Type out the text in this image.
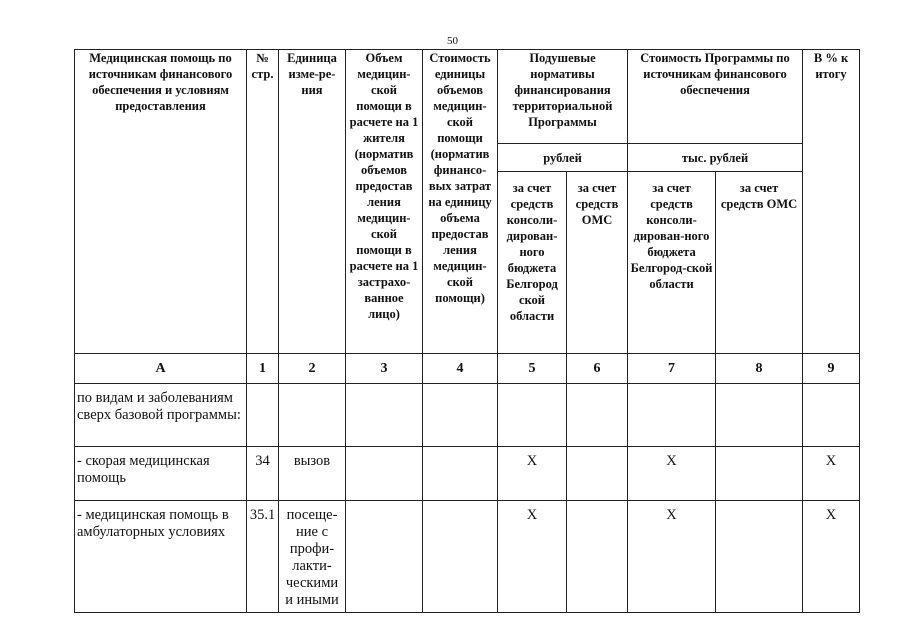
50
Медицинская помощь по источникам финансового обеспечения и условиям предоставления	№ стр.	Единица изме-ре-ния	Объем медицин-ской помощи в расчете на 1 жителя (норматив объемов предостав ления медицин-ской помощи в расчете на 1 застрахо-ванное лицо)	Стоимость единицы объемов медицин-ской помощи (норматив финансо-вых затрат на единицу объема предостав ления медицин-ской помощи)	Подушевые нормативы финансирования территориальной Программы		Стоимость Программы по источникам финансового обеспечения		В % к итогу
					рублей		тыс. рублей		
					за счет средств консоли-дирован-ного бюджета Белгород ской области	за счет средств ОМС	за счет средств консоли-дирован-ного бюджета Белгород-ской области	за счет средств ОМС	
А	1	2	3	4	5	6	7	8	9
по видам и заболеваниям сверх базовой программы:									
- скорая медицинская помощь	34	вызов			Х		Х		Х
- медицинская помощь в амбулаторных условиях	35.1	посеще-ние с профи-лакти-ческими и иными			Х		Х		Х
